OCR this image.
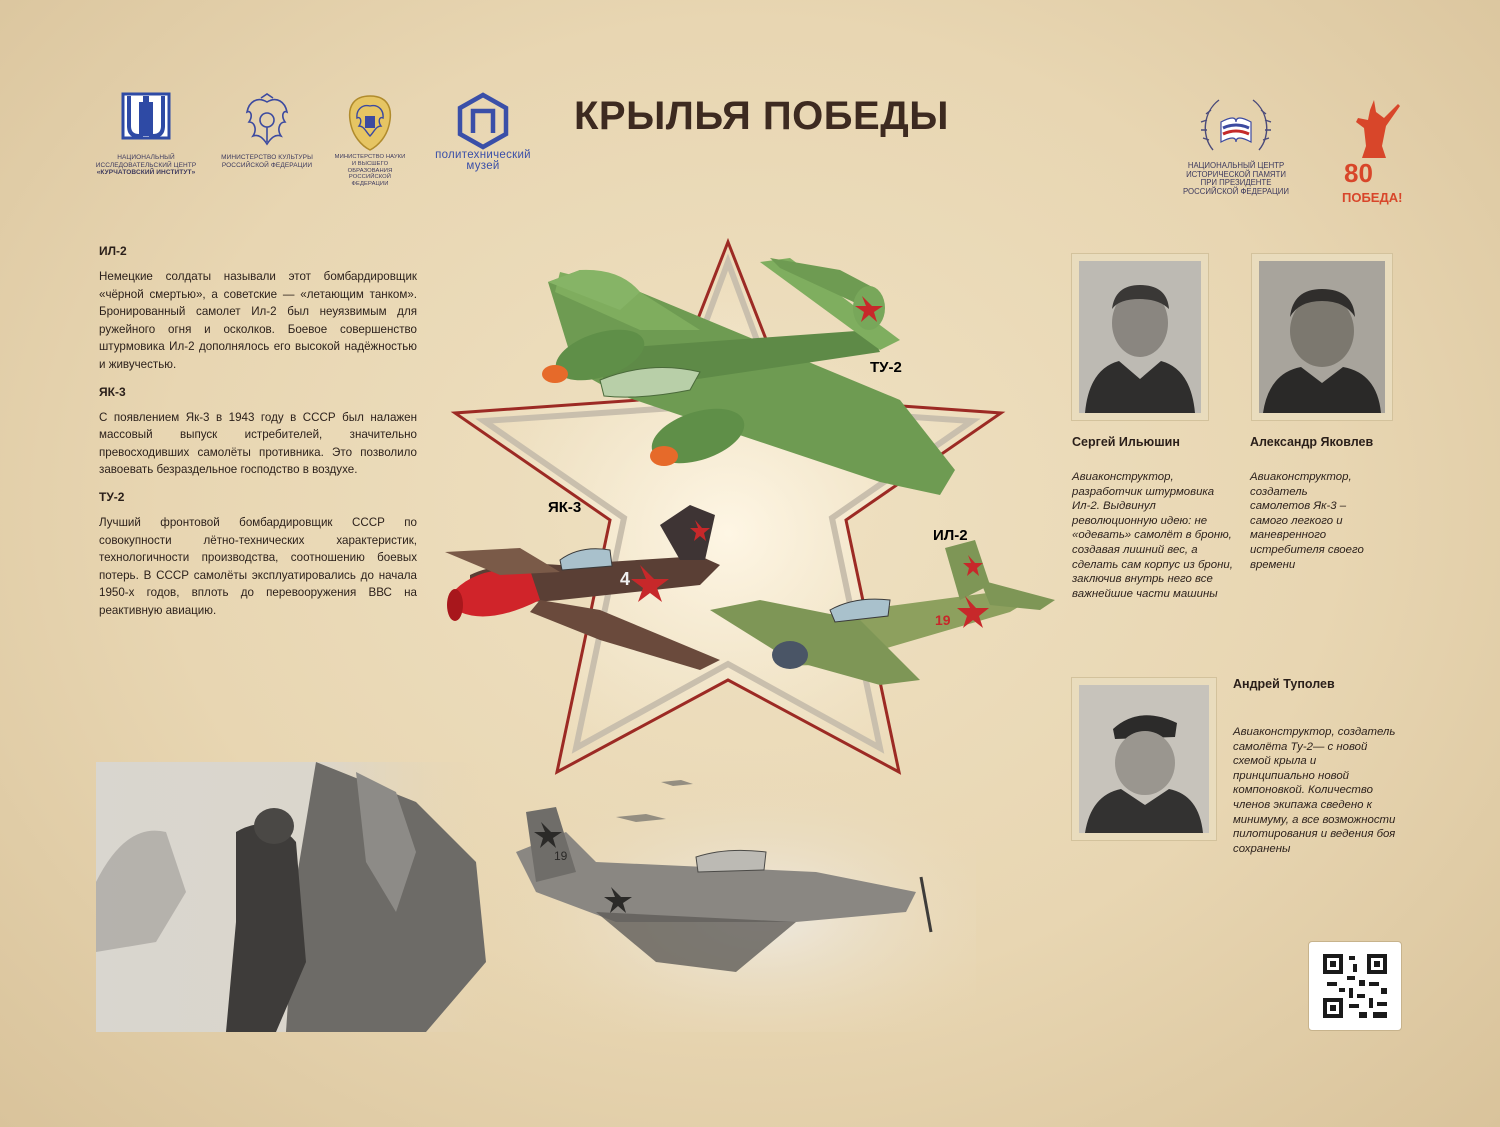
НАЦИОНАЛЬНЫЙ
ИССЛЕДОВАТЕЛЬСКИЙ ЦЕНТР
«КУРЧАТОВСКИЙ ИНСТИТУТ»
МИНИСТЕРСТВО КУЛЬТУРЫ
РОССИЙСКОЙ ФЕДЕРАЦИИ
МИНИСТЕРСТВО НАУКИ
И ВЫСШЕГО ОБРАЗОВАНИЯ
РОССИЙСКОЙ ФЕДЕРАЦИИ
политехнический
музей
КРЫЛЬЯ ПОБЕДЫ
НАЦИОНАЛЬНЫЙ ЦЕНТР
ИСТОРИЧЕСКОЙ ПАМЯТИ
ПРИ ПРЕЗИДЕНТЕ
РОССИЙСКОЙ ФЕДЕРАЦИИ
80
ПОБЕДА!
ИЛ-2

Немецкие солдаты называли этот бомбардировщик «чёрной смертью», а советские — «летающим танком». Бронированный самолет Ил-2 был неуязвимым для ружейного огня и осколков. Боевое совершенство штурмовика Ил-2 дополнялось его высокой надёжностью и живучестью.

ЯК-3

С появлением Як-3 в 1943 году в СССР был налажен массовый выпуск истребителей, значительно превосходивших самолёты противника. Это позволило завоевать безраздельное господство в воздухе.

ТУ-2

Лучший фронтовой бомбардировщик СССР по совокупности лётно-технических характеристик, технологичности производства, соотношению боевых потерь. В СССР самолёты эксплуатировались до начала 1950-х годов, вплоть до перевооружения ВВС на реактивную авиацию.

ТУ-2
4
ЯК-3
19
ИЛ-2
Сергей Ильюшин
Авиаконструктор, разработчик штурмовика Ил-2. Выдвинул революционную идею: не «одевать» самолёт в броню, создавая лишний вес, а сделать сам корпус из брони, заключив внутрь него все важнейшие части машины
Александр Яковлев
Авиаконструктор, создатель самолетов Як-3 – самого легкого и маневренного истребителя своего времени
Андрей Туполев
Авиаконструктор, создатель самолёта Ту-2— с новой схемой крыла и принципиально новой компоновкой. Количество членов экипажа сведено к минимуму, а все возможности пилотирования и ведения боя сохранены
19
